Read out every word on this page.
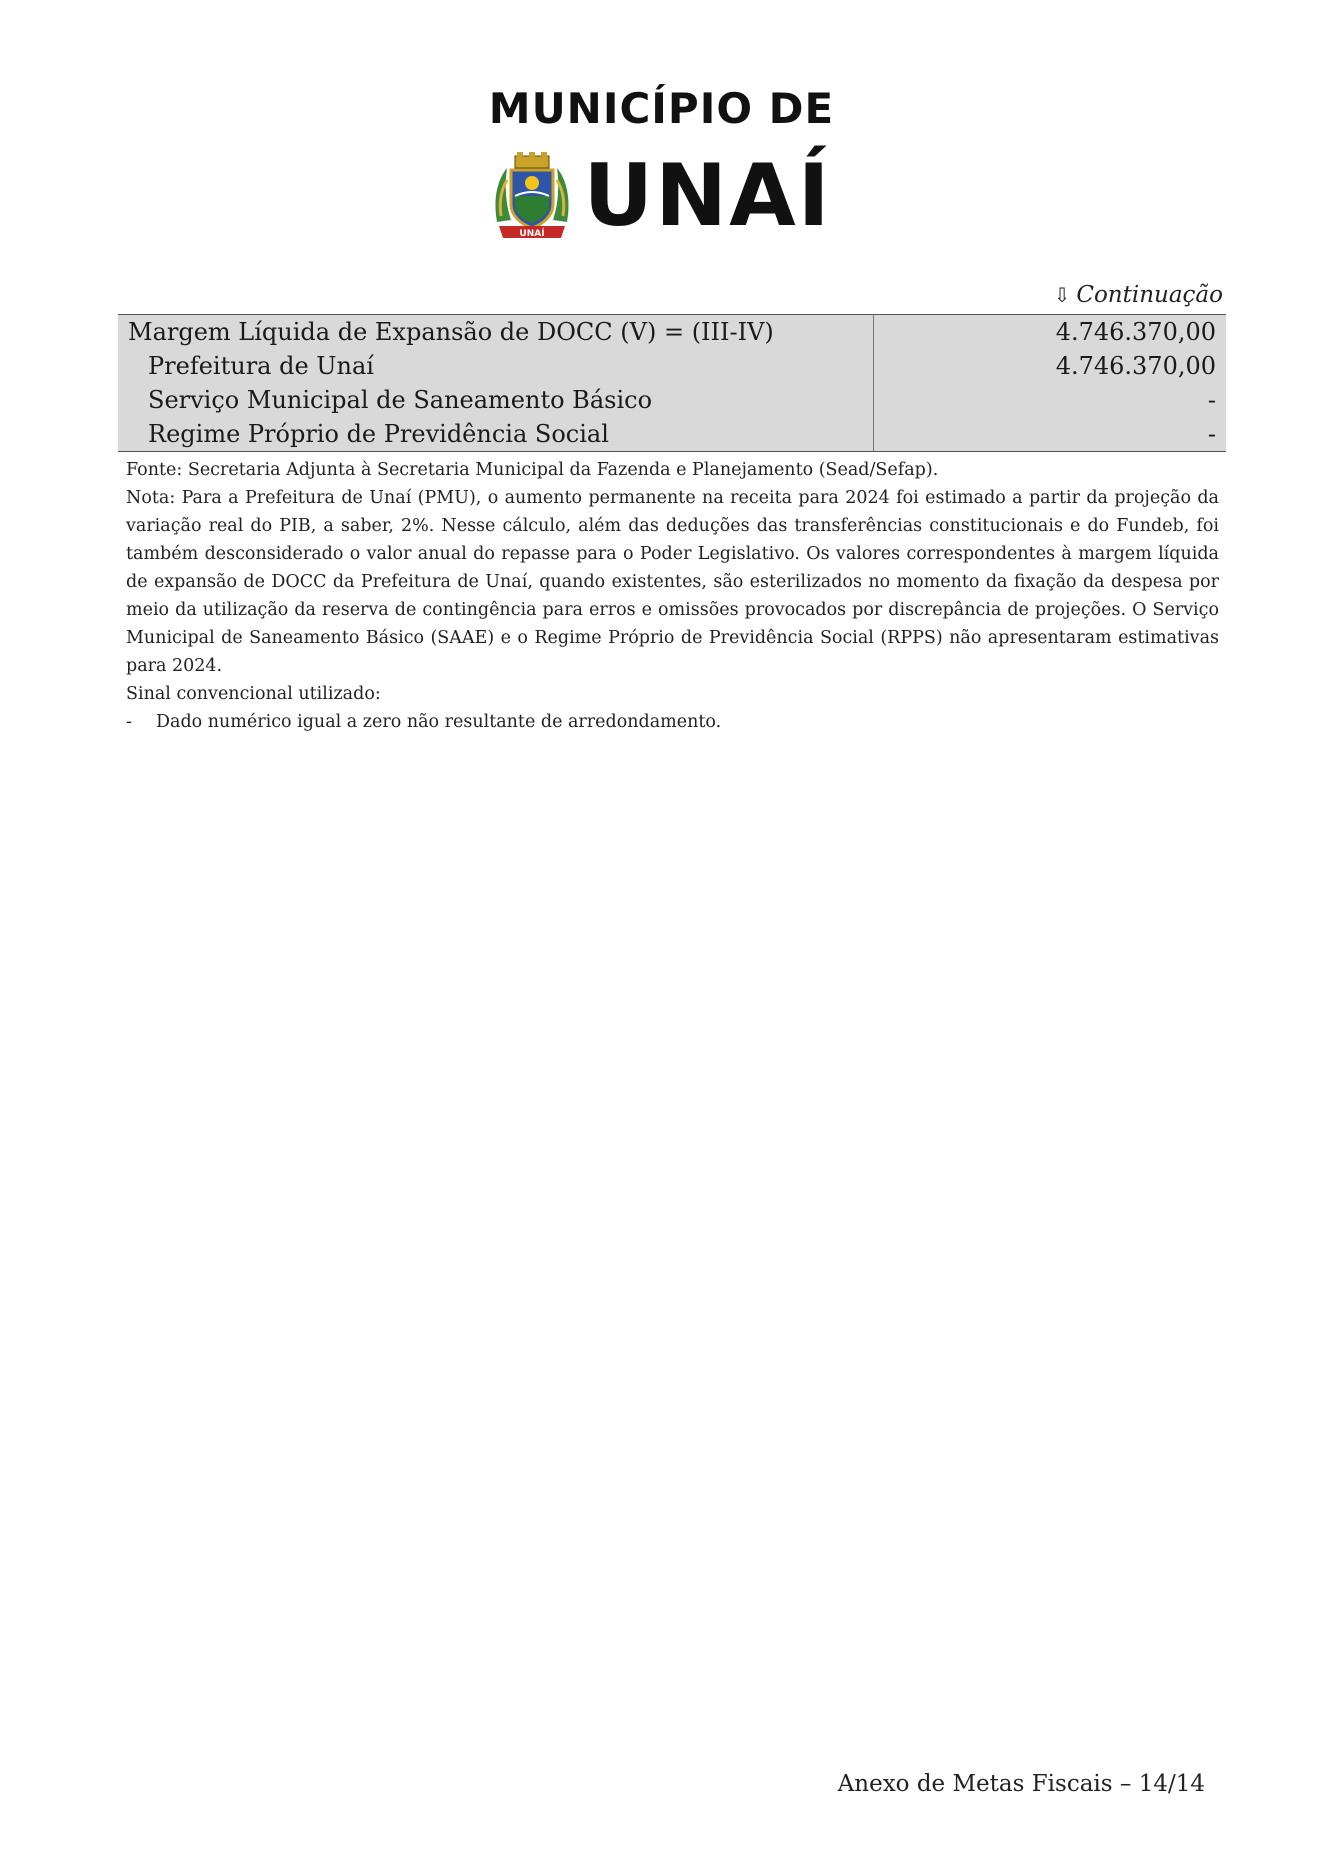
MUNICÍPIO DE
UNAÍ UNAÍ
⇩ Continuação
Margem Líquida de Expansão de DOCC (V) = (III-IV)	4.746.370,00
Prefeitura de Unaí	4.746.370,00
Serviço Municipal de Saneamento Básico	-
Regime Próprio de Previdência Social	-

Fonte: Secretaria Adjunta à Secretaria Municipal da Fazenda e Planejamento (Sead/Sefap).

Nota: Para a Prefeitura de Unaí (PMU), o aumento permanente na receita para 2024 foi estimado a partir da projeção da variação real do PIB, a saber, 2%. Nesse cálculo, além das deduções das transferências constitucionais e do Fundeb, foi também desconsiderado o valor anual do repasse para o Poder Legislativo. Os valores correspondentes à margem líquida de expansão de DOCC da Prefeitura de Unaí, quando existentes, são esterilizados no momento da fixação da despesa por meio da utilização da reserva de contingência para erros e omissões provocados por discrepância de projeções. O Serviço Municipal de Saneamento Básico (SAAE) e o Regime Próprio de Previdência Social (RPPS) não apresentaram estimativas para 2024.

Sinal convencional utilizado:

-	Dado numérico igual a zero não resultante de arredondamento.
Anexo de Metas Fiscais – 14/14
